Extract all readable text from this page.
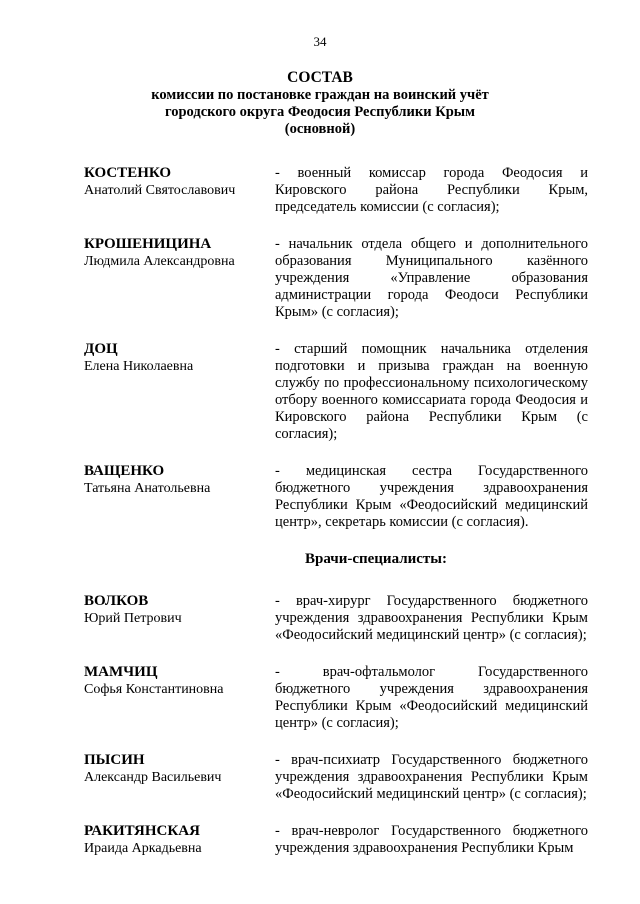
34
СОСТАВ
комиссии по постановке граждан на воинский учёт
городского округа Феодосия Республики Крым
(основной)
КОСТЕНКО
Анатолий Святославович
- военный комиссар города Феодосия и Кировского района Республики Крым, председатель комиссии (с согласия);
КРОШЕНИЦИНА
Людмила Александровна
- начальник отдела общего и дополнительного образования Муниципального казённого учреждения «Управление образования администрации города Феодоси Республики Крым» (с согласия);
ДОЦ
Елена Николаевна
- старший помощник начальника отделения подготовки и призыва граждан на военную службу по профессиональному психологическому отбору военного комиссариата города Феодосия и Кировского района Республики Крым (с согласия);
ВАЩЕНКО
Татьяна Анатольевна
- медицинская сестра Государственного бюджетного учреждения здравоохранения Республики Крым «Феодосийский медицинский центр», секретарь комиссии (с согласия).
Врачи-специалисты:
ВОЛКОВ
Юрий Петрович
- врач-хирург Государственного бюджетного учреждения здравоохранения Республики Крым «Феодосийский медицинский центр» (с согласия);
МАМЧИЦ
Софья Константиновна
- врач-офтальмолог Государственного бюджетного учреждения здравоохранения Республики Крым «Феодосийский медицинский центр» (с согласия);
ПЫСИН
Александр Васильевич
- врач-психиатр Государственного бюджетного учреждения здравоохранения Республики Крым «Феодосийский медицинский центр» (с согласия);
РАКИТЯНСКАЯ
Ираида Аркадьевна
- врач-невролог Государственного бюджетного учреждения здравоохранения Республики Крым
